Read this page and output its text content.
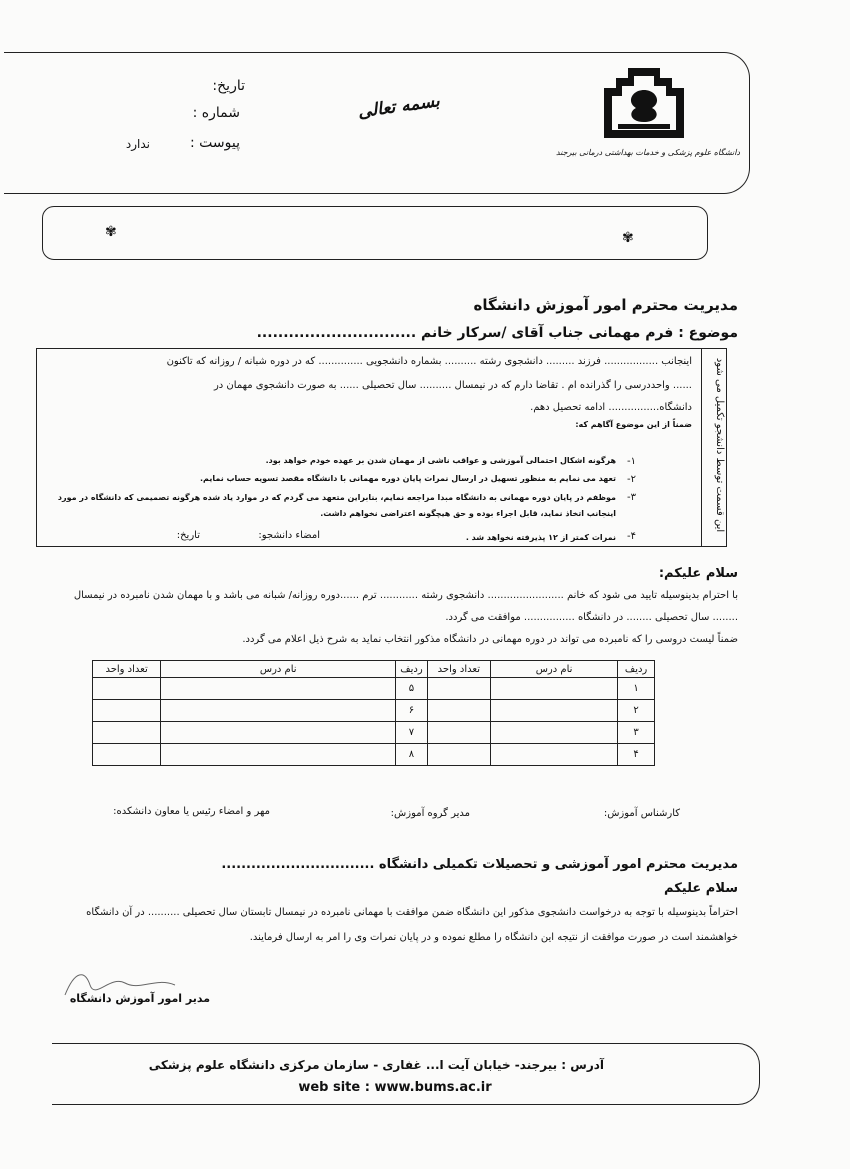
تاریخ:
شماره :
پیوست :
ندارد
بسمه تعالی
دانشگاه علوم پزشکی و خدمات بهداشتی درمانی بیرجند
✾	✾
مدیریت محترم امور آموزش دانشگاه
موضوع : فرم مهمانی جناب آقای /سرکار خانم ..............................
این قسمت توسط دانشجو تکمیل می شود
اینجانب ................. فرزند ......... دانشجوی رشته .......... بشماره دانشجویی .............. که در دوره شبانه / روزانه که تاکنون
...... واحددرسی را گذرانده ام . تقاضا دارم که در نیمسال .......... سال تحصیلی ...... به صورت دانشجوی مهمان در
دانشگاه................ ادامه تحصیل دهم.
ضمناً از این موضوع آگاهم که:
۱-
هرگونه اشکال احتمالی آموزشی و عواقب ناشی از مهمان شدن بر عهده خودم خواهد بود.
۲-
تعهد می نمایم به منظور تسهیل در ارسال نمرات پایان دوره مهمانی با دانشگاه مقصد تسویه حساب نمایم.
۳-
موظفم در پایان دوره مهمانی به دانشگاه مبدا مراجعه نمایم، بنابراین متعهد می گردم که در موارد یاد شده هرگونه تصمیمی که دانشگاه در مورد اینجانب اتخاذ نماید، قابل اجراء بوده و حق هیچگونه اعتراضی نخواهم داشت.
۴-
نمرات کمتر از ۱۲ پذیرفته نخواهد شد .
امضاء دانشجو:
تاریخ:
سلام علیکم:
با احترام بدینوسیله تایید می شود که خانم ........................ دانشجوی رشته ............ ترم ......دوره روزانه/ شبانه می باشد و با مهمان شدن نامبرده در نیمسال
........ سال تحصیلی ........ در دانشگاه ................ موافقت می گردد.
ضمناً لیست دروسی را که نامبرده می تواند در دوره مهمانی در دانشگاه مذکور انتخاب نماید به شرح ذیل اعلام می گردد.
ردیف	نام درس	تعداد واحد	ردیف	نام درس	تعداد واحد
۱			۵		
۲			۶		
۳			۷		
۴			۸		
کارشناس آموزش:
مدیر گروه آموزش:
مهر و امضاء رئیس یا معاون دانشکده:
مدیریت محترم امور آموزشی و تحصیلات تکمیلی دانشگاه ...............................
سلام علیکم
احتراماً بدینوسیله با توجه به درخواست دانشجوی مذکور این دانشگاه ضمن موافقت با مهمانی نامبرده در نیمسال تابستان سال تحصیلی .......... در آن دانشگاه
خواهشمند است در صورت موافقت از نتیجه این دانشگاه را مطلع نموده و در پایان نمرات وی را امر به ارسال فرمایند.
مدیر امور آموزش دانشگاه
آدرس : بیرجند- خیابان آیت ا... غفاری - سازمان مرکزی دانشگاه علوم پزشکی
web site : www.bums.ac.ir
